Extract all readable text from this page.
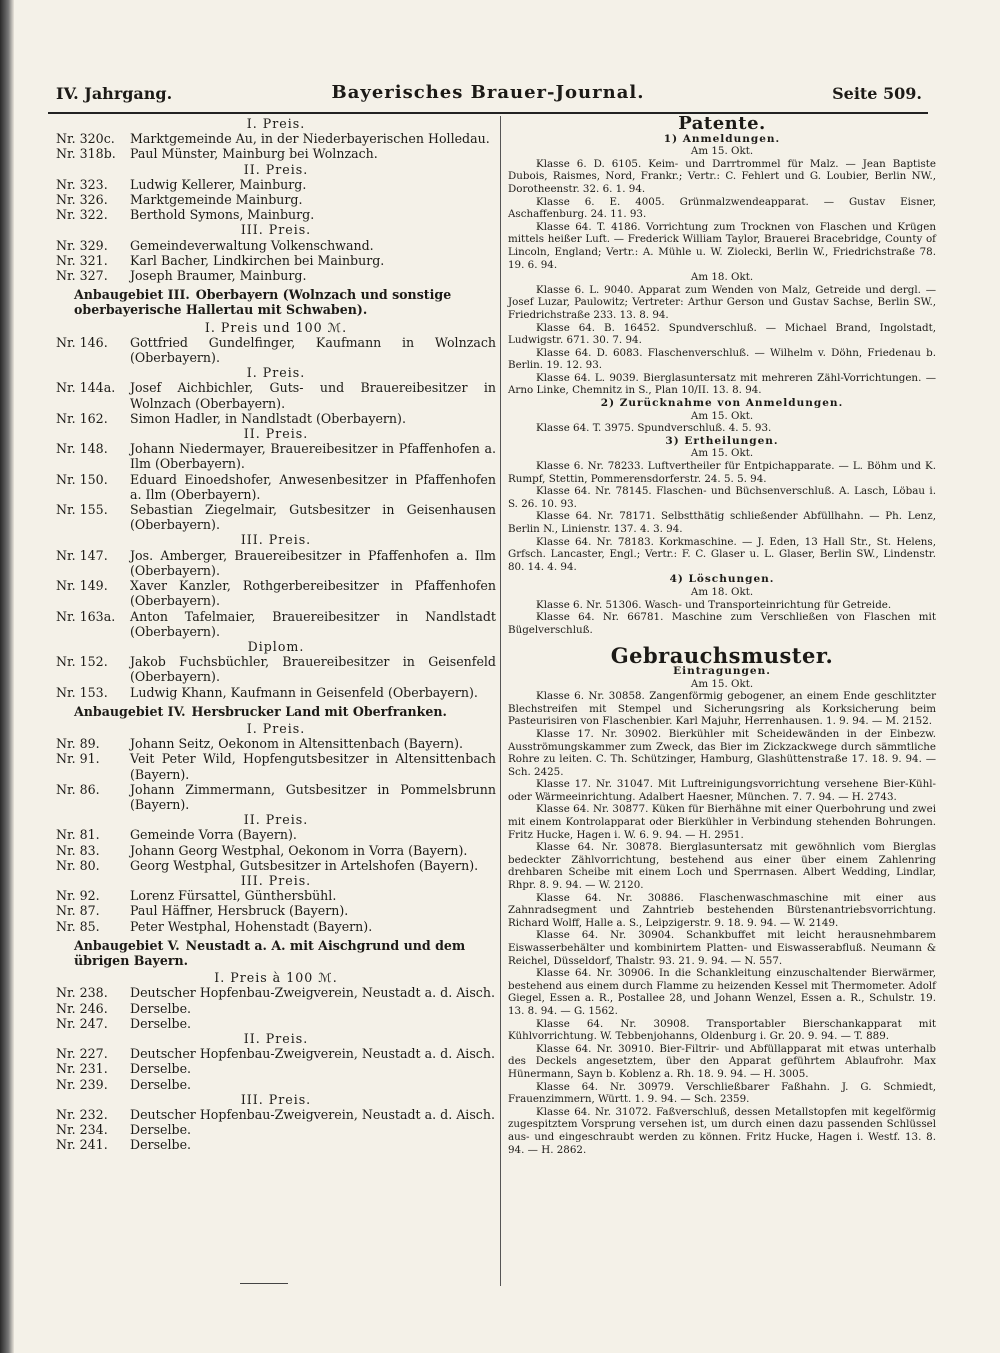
IV. Jahrgang.	Bayerisches Brauer-Journal.	Seite 509.
I. Preis.
Nr. 320c.	Marktgemeinde Au, in der Niederbayerischen Holledau.
Nr. 318b.	Paul Münster, Mainburg bei Wolnzach.
II. Preis.
Nr. 323.	Ludwig Kellerer, Mainburg.
Nr. 326.	Marktgemeinde Mainburg.
Nr. 322.	Berthold Symons, Mainburg.
III. Preis.
Nr. 329.	Gemeindeverwaltung Volkenschwand.
Nr. 321.	Karl Bacher, Lindkirchen bei Mainburg.
Nr. 327.	Joseph Braumer, Mainburg.
Anbaugebiet III. Oberbayern (Wolnzach und sonstige oberbayerische Hallertau mit Schwaben).
I. Preis und 100 ℳ.
Nr. 146.	Gottfried Gundelfinger, Kaufmann in Wolnzach (Oberbayern).
I. Preis.
Nr. 144a.	Josef Aichbichler, Guts- und Brauereibesitzer in Wolnzach (Oberbayern).
Nr. 162.	Simon Hadler, in Nandlstadt (Oberbayern).
II. Preis.
Nr. 148.	Johann Niedermayer, Brauereibesitzer in Pfaffenhofen a. Ilm (Oberbayern).
Nr. 150.	Eduard Einoedshofer, Anwesenbesitzer in Pfaffenhofen a. Ilm (Oberbayern).
Nr. 155.	Sebastian Ziegelmair, Gutsbesitzer in Geisenhausen (Oberbayern).
III. Preis.
Nr. 147.	Jos. Amberger, Brauereibesitzer in Pfaffenhofen a. Ilm (Oberbayern).
Nr. 149.	Xaver Kanzler, Rothgerbereibesitzer in Pfaffenhofen (Oberbayern).
Nr. 163a.	Anton Tafelmaier, Brauereibesitzer in Nandlstadt (Oberbayern).
Diplom.
Nr. 152.	Jakob Fuchsbüchler, Brauereibesitzer in Geisenfeld (Oberbayern).
Nr. 153.	Ludwig Khann, Kaufmann in Geisenfeld (Oberbayern).
Anbaugebiet IV. Hersbrucker Land mit Oberfranken.
I. Preis.
Nr. 89.	Johann Seitz, Oekonom in Altensittenbach (Bayern).
Nr. 91.	Veit Peter Wild, Hopfengutsbesitzer in Altensittenbach (Bayern).
Nr. 86.	Johann Zimmermann, Gutsbesitzer in Pommelsbrunn (Bayern).
II. Preis.
Nr. 81.	Gemeinde Vorra (Bayern).
Nr. 83.	Johann Georg Westphal, Oekonom in Vorra (Bayern).
Nr. 80.	Georg Westphal, Gutsbesitzer in Artelshofen (Bayern).
III. Preis.
Nr. 92.	Lorenz Fürsattel, Günthersbühl.
Nr. 87.	Paul Häffner, Hersbruck (Bayern).
Nr. 85.	Peter Westphal, Hohenstadt (Bayern).
Anbaugebiet V. Neustadt a. A. mit Aischgrund und dem übrigen Bayern.
I. Preis à 100 ℳ.
Nr. 238.	Deutscher Hopfenbau-Zweigverein, Neustadt a. d. Aisch.
Nr. 246.	Derselbe.
Nr. 247.	Derselbe.
II. Preis.
Nr. 227.	Deutscher Hopfenbau-Zweigverein, Neustadt a. d. Aisch.
Nr. 231.	Derselbe.
Nr. 239.	Derselbe.
III. Preis.
Nr. 232.	Deutscher Hopfenbau-Zweigverein, Neustadt a. d. Aisch.
Nr. 234.	Derselbe.
Nr. 241.	Derselbe.
Patente.
1) Anmeldungen.
Am 15. Okt.
Klasse 6. D. 6105. Keim- und Darrtrommel für Malz. — Jean Baptiste Dubois, Raismes, Nord, Frankr.; Vertr.: C. Fehlert und G. Loubier, Berlin NW., Dorotheenstr. 32. 6. 1. 94.
Klasse 6. E. 4005. Grünmalzwendeapparat. — Gustav Eisner, Aschaffenburg. 24. 11. 93.
Klasse 64. T. 4186. Vorrichtung zum Trocknen von Flaschen und Krügen mittels heißer Luft. — Frederick William Taylor, Brauerei Bracebridge, County of Lincoln, England; Vertr.: A. Mühle u. W. Ziolecki, Berlin W., Friedrichstraße 78. 19. 6. 94.
Am 18. Okt.
Klasse 6. L. 9040. Apparat zum Wenden von Malz, Getreide und dergl. — Josef Luzar, Paulowitz; Vertreter: Arthur Gerson und Gustav Sachse, Berlin SW., Friedrichstraße 233. 13. 8. 94.
Klasse 64. B. 16452. Spundverschluß. — Michael Brand, Ingolstadt, Ludwigstr. 671. 30. 7. 94.
Klasse 64. D. 6083. Flaschenverschluß. — Wilhelm v. Döhn, Friedenau b. Berlin. 19. 12. 93.
Klasse 64. L. 9039. Bierglasuntersatz mit mehreren Zähl-Vorrichtungen. — Arno Linke, Chemnitz in S., Plan 10/II. 13. 8. 94.
2) Zurücknahme von Anmeldungen.
Am 15. Okt.
Klasse 64. T. 3975. Spundverschluß. 4. 5. 93.
3) Ertheilungen.
Am 15. Okt.
Klasse 6. Nr. 78233. Luftvertheiler für Entpichapparate. — L. Böhm und K. Rumpf, Stettin, Pommerensdorferstr. 24. 5. 5. 94.
Klasse 64. Nr. 78145. Flaschen- und Büchsenverschluß. A. Lasch, Löbau i. S. 26. 10. 93.
Klasse 64. Nr. 78171. Selbstthätig schließender Abfüllhahn. — Ph. Lenz, Berlin N., Linienstr. 137. 4. 3. 94.
Klasse 64. Nr. 78183. Korkmaschine. — J. Eden, 13 Hall Str., St. Helens, Grfsch. Lancaster, Engl.; Vertr.: F. C. Glaser u. L. Glaser, Berlin SW., Lindenstr. 80. 14. 4. 94.
4) Löschungen.
Am 18. Okt.
Klasse 6. Nr. 51306. Wasch- und Transporteinrichtung für Getreide.
Klasse 64. Nr. 66781. Maschine zum Verschließen von Flaschen mit Bügelverschluß.
Gebrauchsmuster.
Eintragungen.
Am 15. Okt.
Klasse 6. Nr. 30858. Zangenförmig gebogener, an einem Ende geschlitzter Blechstreifen mit Stempel und Sicherungsring als Korksicherung beim Pasteurisiren von Flaschenbier. Karl Majuhr, Herrenhausen. 1. 9. 94. — M. 2152.
Klasse 17. Nr. 30902. Bierkühler mit Scheidewänden in der Einbezw. Ausströmungskammer zum Zweck, das Bier im Zickzackwege durch sämmtliche Rohre zu leiten. C. Th. Schützinger, Hamburg, Glashüttenstraße 17. 18. 9. 94. — Sch. 2425.
Klasse 17. Nr. 31047. Mit Luftreinigungsvorrichtung versehene Bier-Kühl- oder Wärmeeinrichtung. Adalbert Haesner, München. 7. 7. 94. — H. 2743.
Klasse 64. Nr. 30877. Küken für Bierhähne mit einer Querbohrung und zwei mit einem Kontrolapparat oder Bierkühler in Verbindung stehenden Bohrungen. Fritz Hucke, Hagen i. W. 6. 9. 94. — H. 2951.
Klasse 64. Nr. 30878. Bierglasuntersatz mit gewöhnlich vom Bierglas bedeckter Zählvorrichtung, bestehend aus einer über einem Zahlenring drehbaren Scheibe mit einem Loch und Sperrnasen. Albert Wedding, Lindlar, Rhpr. 8. 9. 94. — W. 2120.
Klasse 64. Nr. 30886. Flaschenwaschmaschine mit einer aus Zahnradsegment und Zahntrieb bestehenden Bürstenantriebsvorrichtung. Richard Wolff, Halle a. S., Leipzigerstr. 9. 18. 9. 94. — W. 2149.
Klasse 64. Nr. 30904. Schankbuffet mit leicht herausnehmbarem Eiswasserbehälter und kombinirtem Platten- und Eiswasserabfluß. Neumann & Reichel, Düsseldorf, Thalstr. 93. 21. 9. 94. — N. 557.
Klasse 64. Nr. 30906. In die Schankleitung einzuschaltender Bierwärmer, bestehend aus einem durch Flamme zu heizenden Kessel mit Thermometer. Adolf Giegel, Essen a. R., Postallee 28, und Johann Wenzel, Essen a. R., Schulstr. 19. 13. 8. 94. — G. 1562.
Klasse 64. Nr. 30908. Transportabler Bierschankapparat mit Kühlvorrichtung. W. Tebbenjohanns, Oldenburg i. Gr. 20. 9. 94. — T. 889.
Klasse 64. Nr. 30910. Bier-Filtrir- und Abfüllapparat mit etwas unterhalb des Deckels angesetztem, über den Apparat geführtem Ablaufrohr. Max Hünermann, Sayn b. Koblenz a. Rh. 18. 9. 94. — H. 3005.
Klasse 64. Nr. 30979. Verschließbarer Faßhahn. J. G. Schmiedt, Frauenzimmern, Württ. 1. 9. 94. — Sch. 2359.
Klasse 64. Nr. 31072. Faßverschluß, dessen Metallstopfen mit kegelförmig zugespitztem Vorsprung versehen ist, um durch einen dazu passenden Schlüssel aus- und eingeschraubt werden zu können. Fritz Hucke, Hagen i. Westf. 13. 8. 94. — H. 2862.
